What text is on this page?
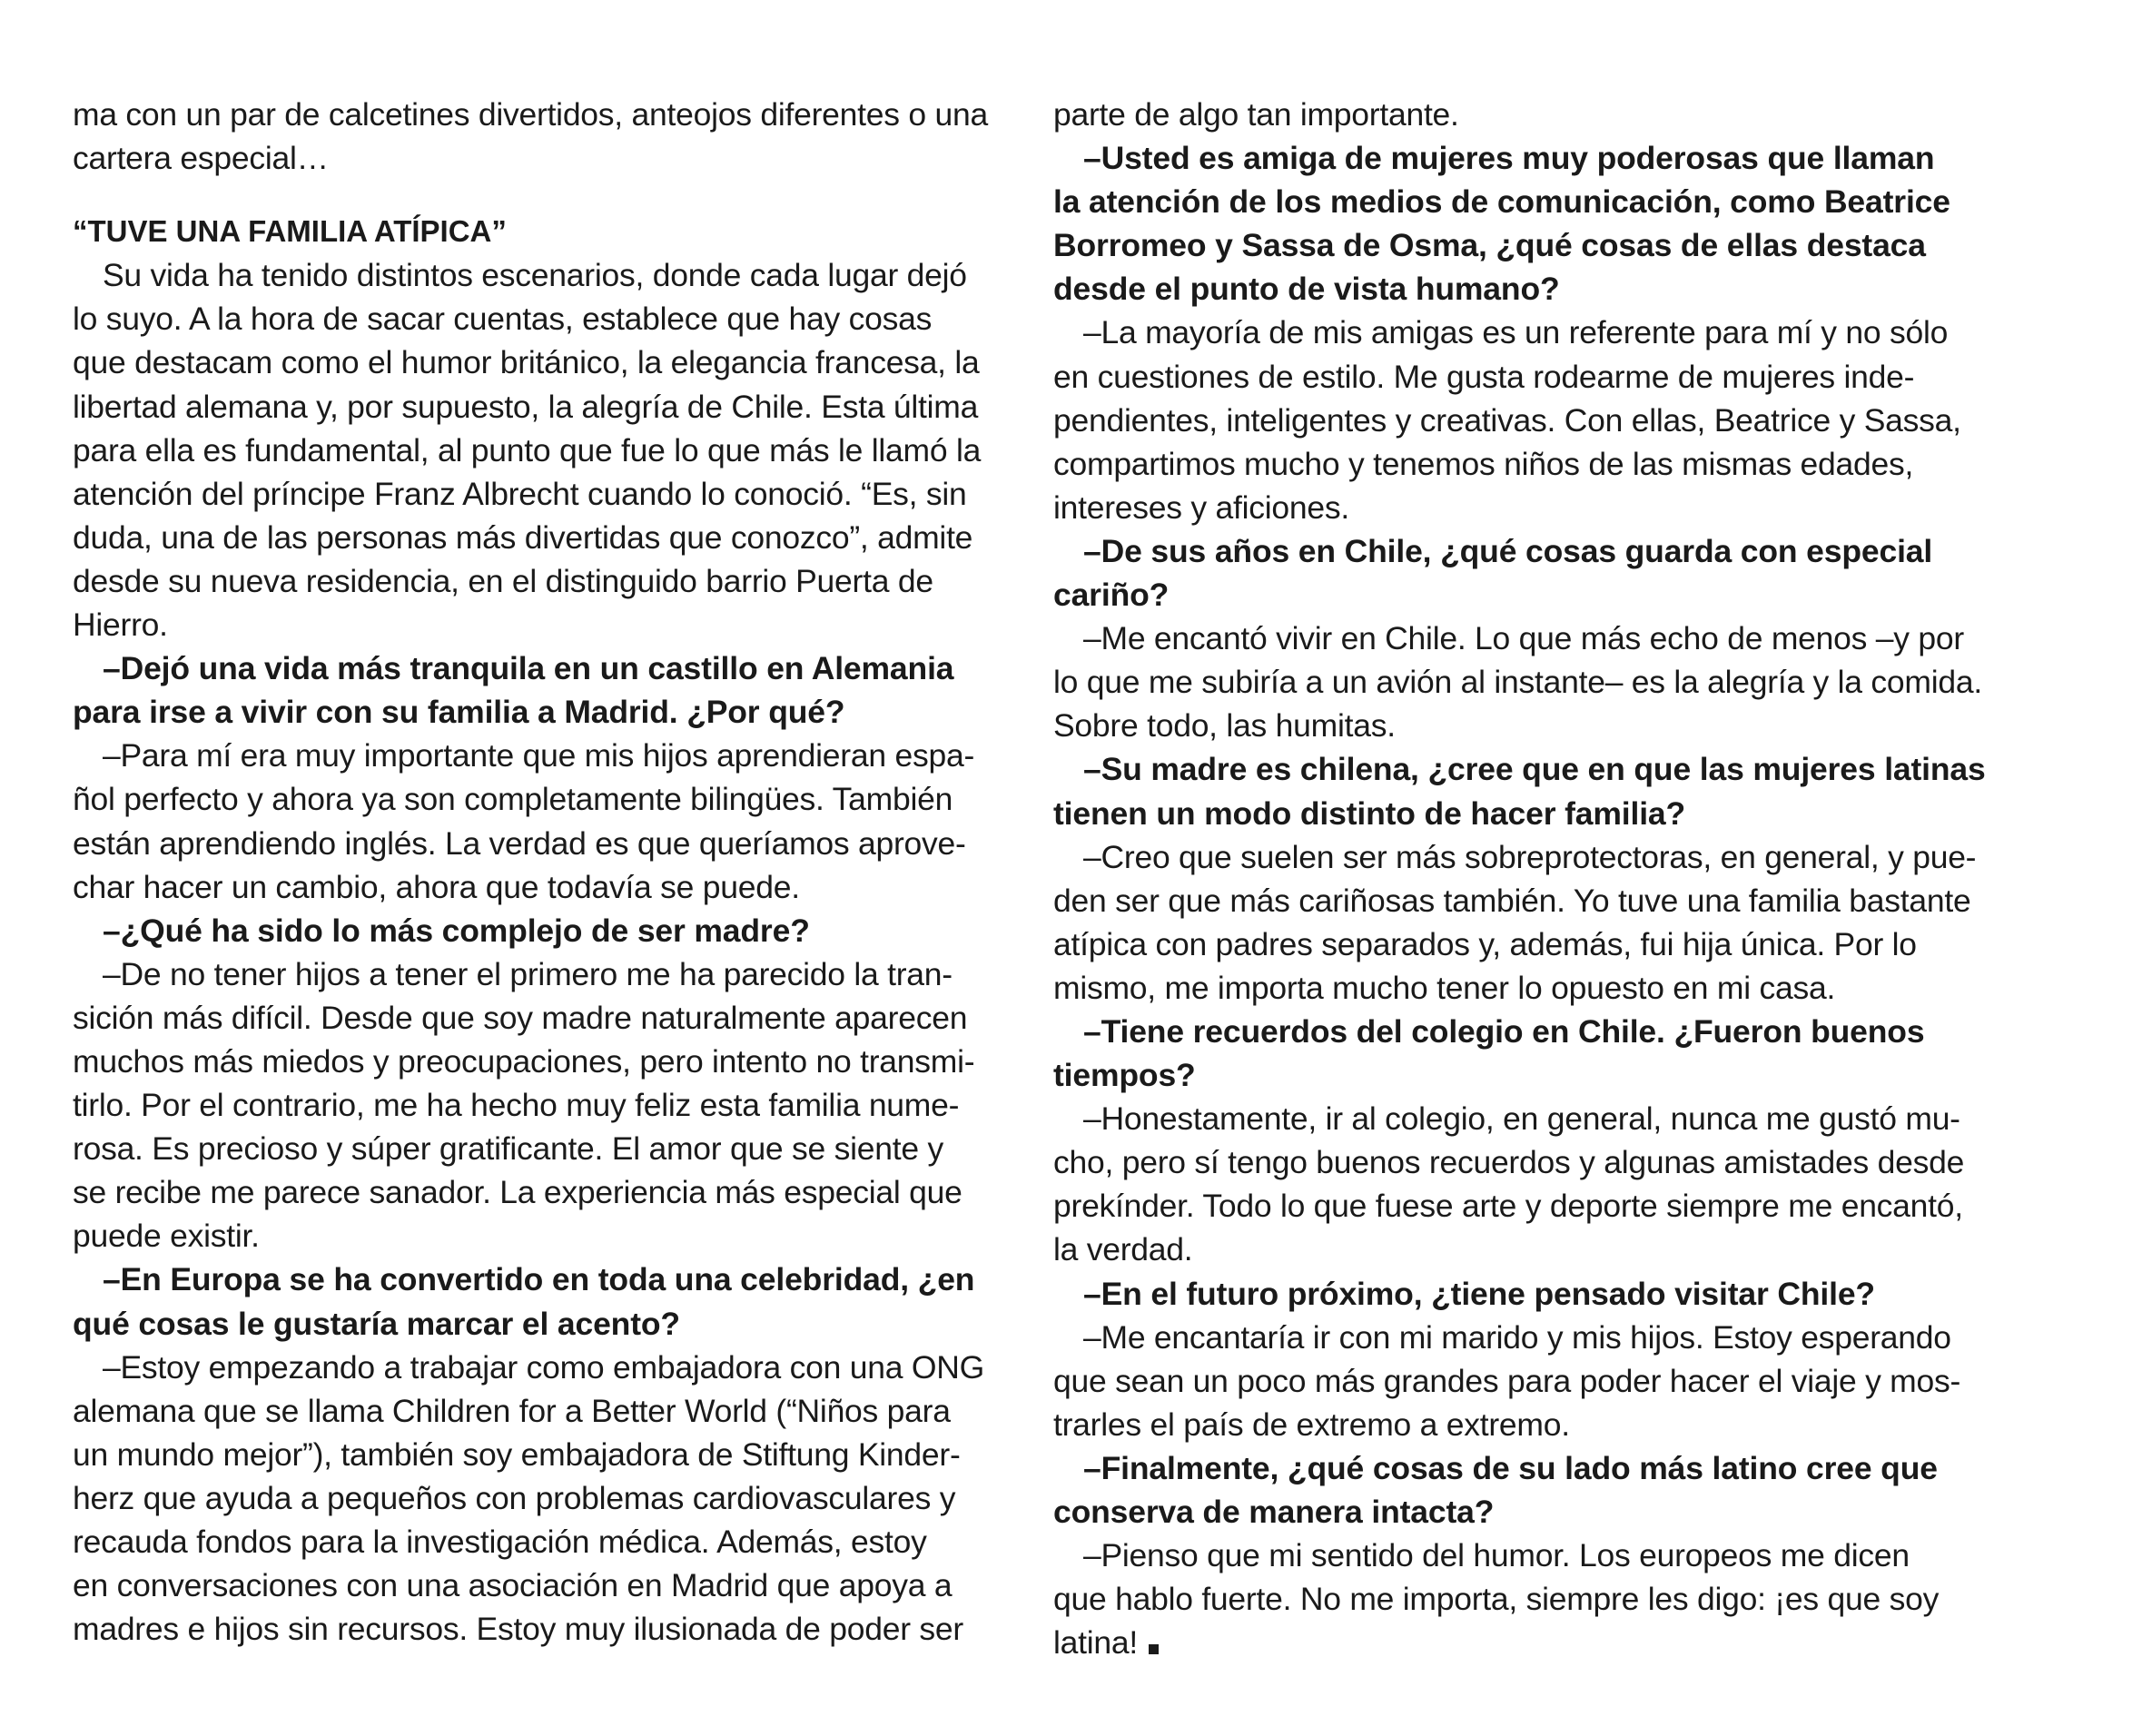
ma con un par de calcetines divertidos, anteojos diferentes o una
cartera especial…
“TUVE UNA FAMILIA ATÍPICA”
Su vida ha tenido distintos escenarios, donde cada lugar dejó
lo suyo. A la hora de sacar cuentas, establece que hay cosas
que destacam como el humor británico, la elegancia francesa, la
libertad alemana y, por supuesto, la alegría de Chile. Esta última
para ella es fundamental, al punto que fue lo que más le llamó la
atención del príncipe Franz Albrecht cuando lo conoció. “Es, sin
duda, una de las personas más divertidas que conozco”, admite
desde su nueva residencia, en el distinguido barrio Puerta de
Hierro.
–Dejó una vida más tranquila en un castillo en Alemania
para irse a vivir con su familia a Madrid. ¿Por qué?
–Para mí era muy importante que mis hijos aprendieran espa-
ñol perfecto y ahora ya son completamente bilingües. También
están aprendiendo inglés. La verdad es que queríamos aprove-
char hacer un cambio, ahora que todavía se puede.
–¿Qué ha sido lo más complejo de ser madre?
–De no tener hijos a tener el primero me ha parecido la tran-
sición más difícil. Desde que soy madre naturalmente aparecen
muchos más miedos y preocupaciones, pero intento no transmi-
tirlo. Por el contrario, me ha hecho muy feliz esta familia nume-
rosa. Es precioso y súper gratificante. El amor que se siente y
se recibe me parece sanador. La experiencia más especial que
puede existir.
–En Europa se ha convertido en toda una celebridad, ¿en
qué cosas le gustaría marcar el acento?
–Estoy empezando a trabajar como embajadora con una ONG
alemana que se llama Children for a Better World (“Niños para
un mundo mejor”), también soy embajadora de Stiftung Kinder-
herz que ayuda a pequeños con problemas cardiovasculares y
recauda fondos para la investigación médica. Además, estoy
en conversaciones con una asociación en Madrid que apoya a
madres e hijos sin recursos. Estoy muy ilusionada de poder ser
parte de algo tan importante.
–Usted es amiga de mujeres muy poderosas que llaman
la atención de los medios de comunicación, como Beatrice
Borromeo y Sassa de Osma, ¿qué cosas de ellas destaca
desde el punto de vista humano?
–La mayoría de mis amigas es un referente para mí y no sólo
en cuestiones de estilo. Me gusta rodearme de mujeres inde-
pendientes, inteligentes y creativas. Con ellas, Beatrice y Sassa,
compartimos mucho y tenemos niños de las mismas edades,
intereses y aficiones.
–De sus años en Chile, ¿qué cosas guarda con especial
cariño?
–Me encantó vivir en Chile. Lo que más echo de menos –y por
lo que me subiría a un avión al instante– es la alegría y la comida.
Sobre todo, las humitas.
–Su madre es chilena, ¿cree que en que las mujeres latinas
tienen un modo distinto de hacer familia?
–Creo que suelen ser más sobreprotectoras, en general, y pue-
den ser que más cariñosas también. Yo tuve una familia bastante
atípica con padres separados y, además, fui hija única. Por lo
mismo, me importa mucho tener lo opuesto en mi casa.
–Tiene recuerdos del colegio en Chile. ¿Fueron buenos
tiempos?
–Honestamente, ir al colegio, en general, nunca me gustó mu-
cho, pero sí tengo buenos recuerdos y algunas amistades desde
prekínder. Todo lo que fuese arte y deporte siempre me encantó,
la verdad.
–En el futuro próximo, ¿tiene pensado visitar Chile?
–Me encantaría ir con mi marido y mis hijos. Estoy esperando
que sean un poco más grandes para poder hacer el viaje y mos-
trarles el país de extremo a extremo.
–Finalmente, ¿qué cosas de su lado más latino cree que
conserva de manera intacta?
–Pienso que mi sentido del humor. Los europeos me dicen
que hablo fuerte. No me importa, siempre les digo: ¡es que soy
latina!
